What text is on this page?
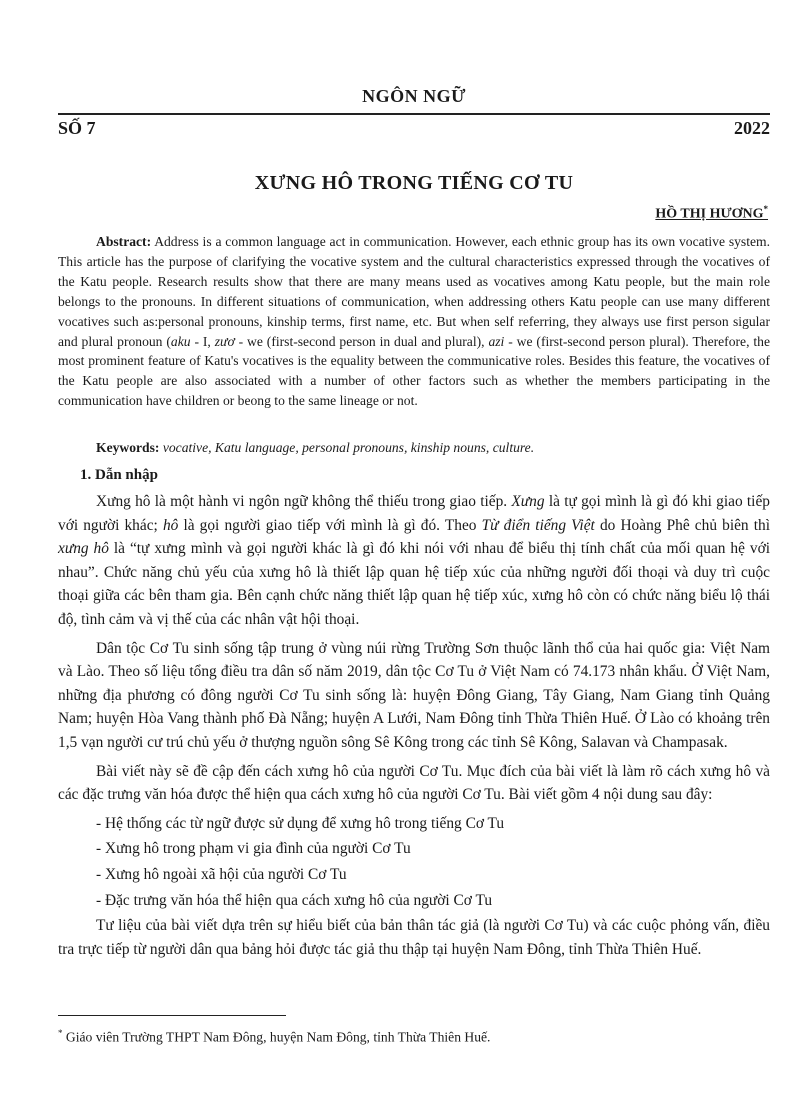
NGÔN NGỮ
SỐ 7	2022
XƯNG HÔ TRONG TIẾNG CƠ TU
HỒ THỊ HƯƠNG*
Abstract: Address is a common language act in communication. However, each ethnic group has its own vocative system. This article has the purpose of clarifying the vocative system and the cultural characteristics expressed through the vocatives of the Katu people. Research results show that there are many means used as vocatives among Katu people, but the main role belongs to the pronouns. In different situations of communication, when addressing others Katu people can use many different vocatives such as:personal pronouns, kinship terms, first name, etc. But when self referring, they always use first person sigular and plural pronoun (aku - I, zươ - we (first-second person in dual and plural), azi - we (first-second person plural). Therefore, the most prominent feature of Katu's vocatives is the equality between the communicative roles. Besides this feature, the vocatives of the Katu people are also associated with a number of other factors such as whether the members participating in the communication have children or beong to the same lineage or not.
Keywords: vocative, Katu language, personal pronouns, kinship nouns, culture.
1. Dẫn nhập

Xưng hô là một hành vi ngôn ngữ không thể thiếu trong giao tiếp. Xưng là tự gọi mình là gì đó khi giao tiếp với người khác; hô là gọi người giao tiếp với mình là gì đó. Theo Từ điển tiếng Việt do Hoàng Phê chủ biên thì xưng hô là “tự xưng mình và gọi người khác là gì đó khi nói với nhau để biểu thị tính chất của mối quan hệ với nhau”. Chức năng chủ yếu của xưng hô là thiết lập quan hệ tiếp xúc của những người đối thoại và duy trì cuộc thoại giữa các bên tham gia. Bên cạnh chức năng thiết lập quan hệ tiếp xúc, xưng hô còn có chức năng biểu lộ thái độ, tình cảm và vị thế của các nhân vật hội thoại.

Dân tộc Cơ Tu sinh sống tập trung ở vùng núi rừng Trường Sơn thuộc lãnh thổ của hai quốc gia: Việt Nam và Lào. Theo số liệu tổng điều tra dân số năm 2019, dân tộc Cơ Tu ở Việt Nam có 74.173 nhân khẩu. Ở Việt Nam, những địa phương có đông người Cơ Tu sinh sống là: huyện Đông Giang, Tây Giang, Nam Giang tỉnh Quảng Nam; huyện Hòa Vang thành phố Đà Nẵng; huyện A Lưới, Nam Đông tỉnh Thừa Thiên Huế. Ở Lào có khoảng trên 1,5 vạn người cư trú chủ yếu ở thượng nguồn sông Sê Kông trong các tỉnh Sê Kông, Salavan và Champasak.

Bài viết này sẽ đề cập đến cách xưng hô của người Cơ Tu. Mục đích của bài viết là làm rõ cách xưng hô và các đặc trưng văn hóa được thể hiện qua cách xưng hô của người Cơ Tu. Bài viết gồm 4 nội dung sau đây:

- Hệ thống các từ ngữ được sử dụng để xưng hô trong tiếng Cơ Tu

- Xưng hô trong phạm vi gia đình của người Cơ Tu

- Xưng hô ngoài xã hội của người Cơ Tu

- Đặc trưng văn hóa thể hiện qua cách xưng hô của người Cơ Tu

Tư liệu của bài viết dựa trên sự hiểu biết của bản thân tác giả (là người Cơ Tu) và các cuộc phỏng vấn, điều tra trực tiếp từ người dân qua bảng hỏi được tác giả thu thập tại huyện Nam Đông, tỉnh Thừa Thiên Huế.

* Giáo viên Trường THPT Nam Đông, huyện Nam Đông, tỉnh Thừa Thiên Huế.
